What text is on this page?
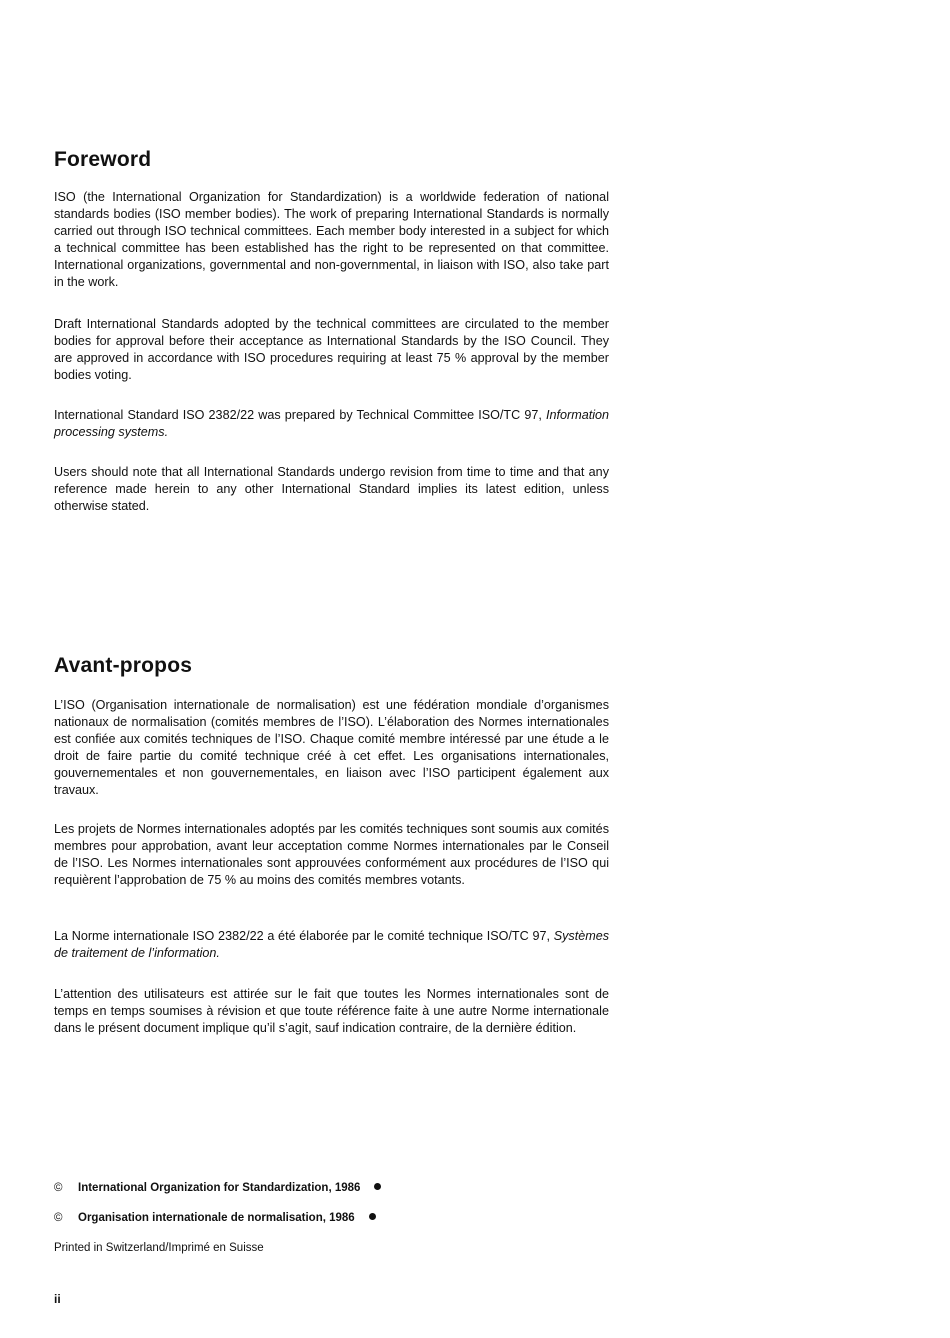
Foreword

ISO (the International Organization for Standardization) is a worldwide federation of national standards bodies (ISO member bodies). The work of preparing International Standards is normally carried out through ISO technical committees. Each member body interested in a subject for which a technical committee has been established has the right to be represented on that committee. International organizations, governmental and non-governmental, in liaison with ISO, also take part in the work.

Draft International Standards adopted by the technical committees are circulated to the member bodies for approval before their acceptance as International Standards by the ISO Council. They are approved in accordance with ISO procedures requiring at least 75 % approval by the member bodies voting.

International Standard ISO 2382/22 was prepared by Technical Committee ISO/TC 97, Information processing systems.

Users should note that all International Standards undergo revision from time to time and that any reference made herein to any other International Standard implies its latest edition, unless otherwise stated.

Avant-propos

L’ISO (Organisation internationale de normalisation) est une fédération mondiale d’organismes nationaux de normalisation (comités membres de l’ISO). L’élaboration des Normes internationales est confiée aux comités techniques de l’ISO. Chaque comité membre intéressé par une étude a le droit de faire partie du comité technique créé à cet effet. Les organisations internationales, gouvernementales et non gouvernementales, en liaison avec l’ISO participent également aux travaux.

Les projets de Normes internationales adoptés par les comités techniques sont soumis aux comités membres pour approbation, avant leur acceptation comme Normes internationales par le Conseil de l’ISO. Les Normes internationales sont approuvées conformément aux procédures de l’ISO qui requièrent l’approbation de 75 % au moins des comités membres votants.

La Norme internationale ISO 2382/22 a été élaborée par le comité technique ISO/TC 97, Systèmes de traitement de l’information.

L’attention des utilisateurs est attirée sur le fait que toutes les Normes internationales sont de temps en temps soumises à révision et que toute référence faite à une autre Norme internationale dans le présent document implique qu’il s’agit, sauf indication contraire, de la dernière édition.

© International Organization for Standardization, 1986

© Organisation internationale de normalisation, 1986

Printed in Switzerland/Imprimé en Suisse

ii
